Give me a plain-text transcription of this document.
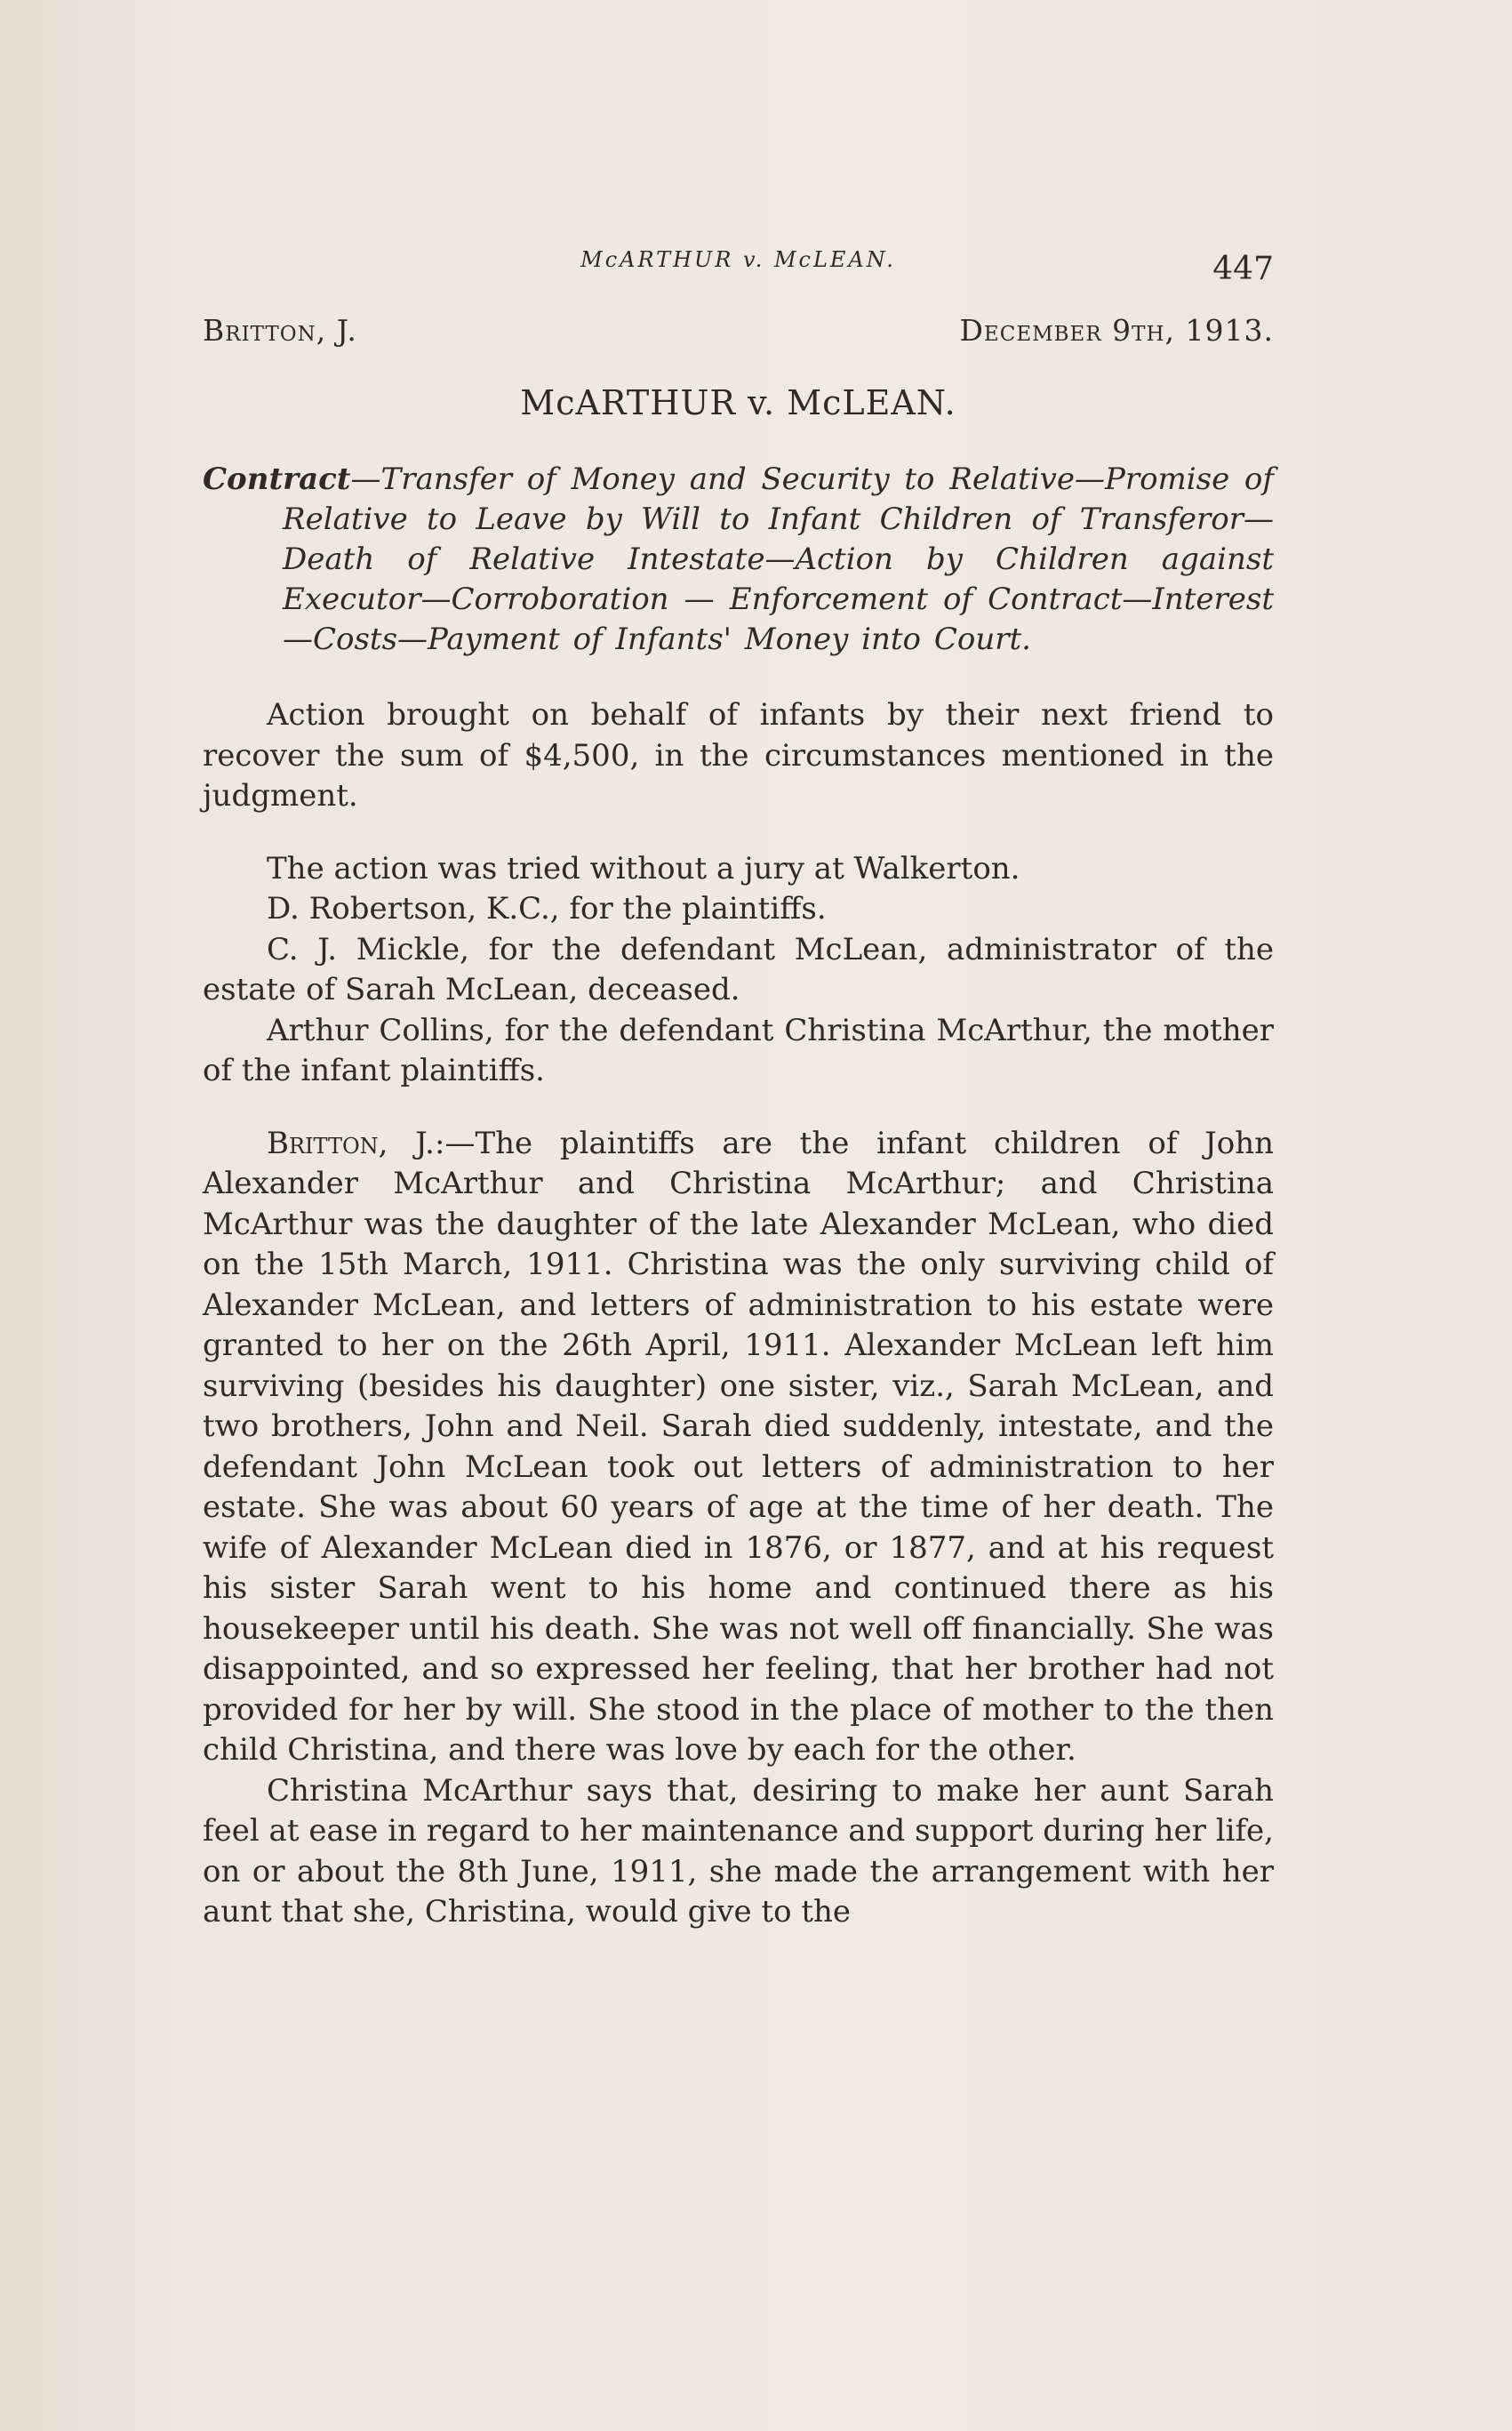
McARTHUR v. McLEAN.	447
Britton, J.	December 9th, 1913.
McARTHUR v. McLEAN.
Contract—Transfer of Money and Security to Relative—Promise of Relative to Leave by Will to Infant Children of Transferor—Death of Relative Intestate—Action by Children against Executor—Corroboration — Enforcement of Contract—Interest—Costs—Payment of Infants' Money into Court.

Action brought on behalf of infants by their next friend to recover the sum of $4,500, in the circumstances mentioned in the judgment.

The action was tried without a jury at Walkerton.

D. Robertson, K.C., for the plaintiffs.

C. J. Mickle, for the defendant McLean, administrator of the estate of Sarah McLean, deceased.

Arthur Collins, for the defendant Christina McArthur, the mother of the infant plaintiffs.

Britton, J.:—The plaintiffs are the infant children of John Alexander McArthur and Christina McArthur; and Christina McArthur was the daughter of the late Alexander McLean, who died on the 15th March, 1911. Christina was the only surviving child of Alexander McLean, and letters of administration to his estate were granted to her on the 26th April, 1911. Alexander McLean left him surviving (besides his daughter) one sister, viz., Sarah McLean, and two brothers, John and Neil. Sarah died suddenly, intestate, and the defendant John McLean took out letters of administration to her estate. She was about 60 years of age at the time of her death. The wife of Alexander McLean died in 1876, or 1877, and at his request his sister Sarah went to his home and continued there as his housekeeper until his death. She was not well off financially. She was disappointed, and so expressed her feeling, that her brother had not provided for her by will. She stood in the place of mother to the then child Christina, and there was love by each for the other.

Christina McArthur says that, desiring to make her aunt Sarah feel at ease in regard to her maintenance and support during her life, on or about the 8th June, 1911, she made the arrangement with her aunt that she, Christina, would give to the
